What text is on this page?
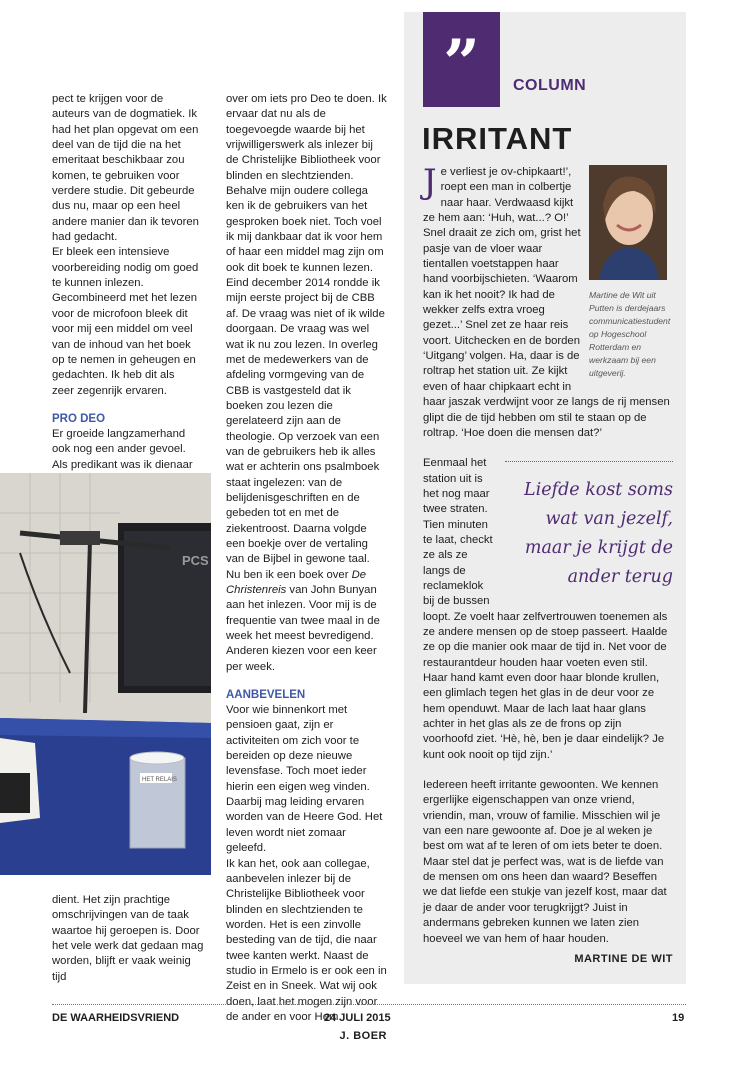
pect te krijgen voor de auteurs van de dogmatiek. Ik had het plan opgevat om een deel van de tijd die na het emeritaat beschikbaar zou komen, te gebruiken voor verdere studie. Dit gebeurde dus nu, maar op een heel andere manier dan ik tevoren had gedacht.

Er bleek een intensieve voorbereiding nodig om goed te kunnen inlezen. Gecombineerd met het lezen voor de microfoon bleek dit voor mij een middel om veel van de inhoud van het boek op te nemen in geheugen en gedachten. Ik heb dit als zeer zegenrijk ervaren.

PRO DEO

Er groeide langzamerhand ook nog een ander gevoel. Als predikant was ik dienaar

PCS
HET RELAIS

dient. Het zijn prachtige omschrijvingen van de taak waartoe hij geroepen is. Door het vele werk dat gedaan mag worden, blijft er vaak weinig tijd

over om iets pro Deo te doen. Ik ervaar dat nu als de toegevoegde waarde bij het vrijwilligerswerk als inlezer bij de Christelijke Bibliotheek voor blinden en slechtzienden.

Behalve mijn oudere collega ken ik de gebruikers van het gesproken boek niet. Toch voel ik mij dankbaar dat ik voor hem of haar een middel mag zijn om ook dit boek te kunnen lezen. Eind december 2014 rondde ik mijn eerste project bij de CBB af. De vraag was niet of ik wilde doorgaan. De vraag was wel wat ik nu zou lezen. In overleg met de medewerkers van de afdeling vormgeving van de CBB is vastgesteld dat ik boeken zou lezen die gerelateerd zijn aan de theologie. Op verzoek van een van de gebruikers heb ik alles wat er achterin ons psalmboek staat ingelezen: van de belijdenisgeschriften en de gebeden tot en met de ziekentroost. Daarna volgde een boekje over de vertaling van de Bijbel in gewone taal. Nu ben ik een boek over De Christenreis van John Bunyan aan het inlezen. Voor mij is de frequentie van twee maal in de week het meest bevredigend. Anderen kiezen voor een keer per week.

AANBEVELEN

Voor wie binnenkort met pensioen gaat, zijn er activiteiten om zich voor te bereiden op deze nieuwe levensfase. Toch moet ieder hierin een eigen weg vinden. Daarbij mag leiding ervaren worden van de Heere God. Het leven wordt niet zomaar geleefd.

Ik kan het, ook aan collegae, aanbevelen inlezer bij de Christelijke Bibliotheek voor blinden en slechtzienden te worden. Het is een zinvolle besteding van de tijd, die naar twee kanten werkt. Naast de studio in Ermelo is er ook een in Zeist en in Sneek. Wat wij ook doen, laat het mogen zijn voor de ander en voor Hem.

J. BOER

”	COLUMN
IRRITANT
Martine de Wit uit Putten is derdejaars communicatiestudent op Hogeschool Rotterdam en werkzaam bij een uitgeverij.
J e verliest je ov-chipkaart!’, roept een man in colbertje naar haar. Verdwaasd kijkt ze hem aan: ‘Huh, wat...? O!’ Snel draait ze zich om, grist het pasje van de vloer waar tientallen voetstappen haar hand voorbijschieten. ‘Waarom kan ik het nooit? Ik had de wekker zelfs extra vroeg gezet...’ Snel zet ze haar reis voort. Uitchecken en de borden ‘Uitgang’ volgen. Ha, daar is de roltrap het station uit. Ze kijkt even of haar chipkaart echt in haar jaszak verdwijnt voor ze langs de rij mensen glipt die de tijd hebben om stil te staan op de roltrap. ‘Hoe doen die mensen dat?’

Liefde kost soms wat van jezelf, maar je krijgt de ander terug

Eenmaal het station uit is het nog maar twee straten. Tien minuten te laat, checkt ze als ze langs de reclameklok bij de bussen loopt. Ze voelt haar zelfvertrouwen toenemen als ze andere mensen op de stoep passeert. Haalde ze op die manier ook maar de tijd in. Net voor de restaurantdeur houden haar voeten even stil. Haar hand kamt even door haar blonde krullen, een glimlach tegen het glas in de deur voor ze hem openduwt. Maar de lach laat haar glans achter in het glas als ze de frons op zijn voorhoofd ziet. ‘Hè, hè, ben je daar eindelijk? Je kunt ook nooit op tijd zijn.’

Iedereen heeft irritante gewoonten. We kennen ergerlijke eigenschappen van onze vriend, vriendin, man, vrouw of familie. Misschien wil je van een nare gewoonte af. Doe je al weken je best om wat af te leren of om iets beter te doen.

Maar stel dat je perfect was, wat is de liefde van de mensen om ons heen dan waard? Beseffen we dat liefde een stukje van jezelf kost, maar dat je daar de ander voor terugkrijgt? Juist in andermans gebreken kunnen we laten zien hoeveel we van hem of haar houden.

MARTINE DE WIT

DE WAARHEIDSVRIEND	24 JULI 2015	19
